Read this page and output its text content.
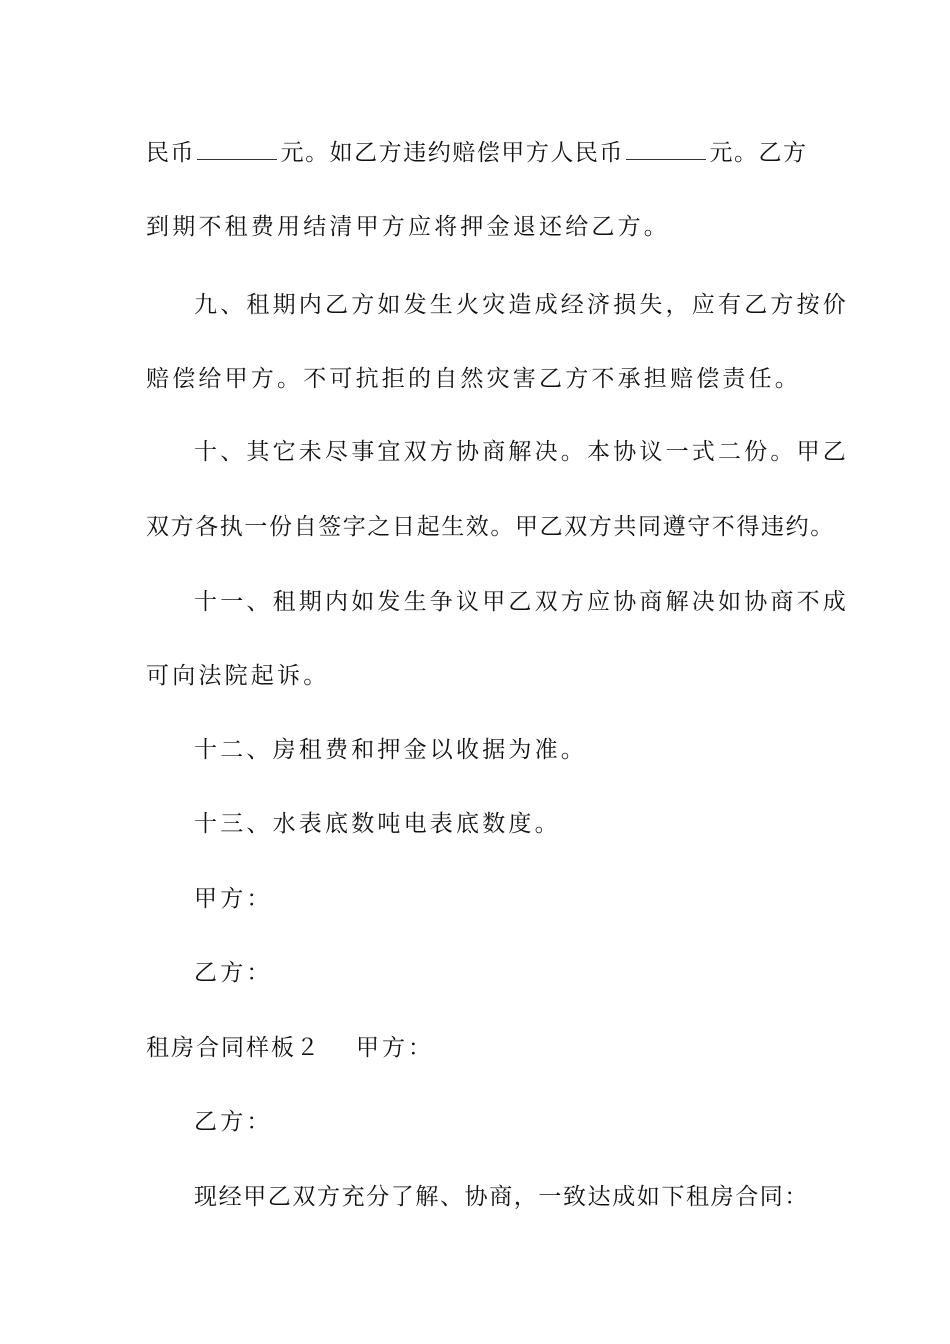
民币	元。如乙方违约赔偿甲方人民币	元。乙方
到期不租费用结清甲方应将押金退还给乙方。
九、租期内乙方如发生火灾造成经济损失，应有乙方按价
赔偿给甲方。不可抗拒的自然灾害乙方不承担赔偿责任。
十、其它未尽事宜双方协商解决。本协议一式二份。甲乙
双方各执一份自签字之日起生效。甲乙双方共同遵守不得违约。
十一、租期内如发生争议甲乙双方应协商解决如协商不成
可向法院起诉。
十二、房租费和押金以收据为准。
十三、水表底数吨电表底数度。
甲方：
乙方：
租房合同样板２ 甲方：
乙方：
现经甲乙双方充分了解、协商，一致达成如下租房合同：
